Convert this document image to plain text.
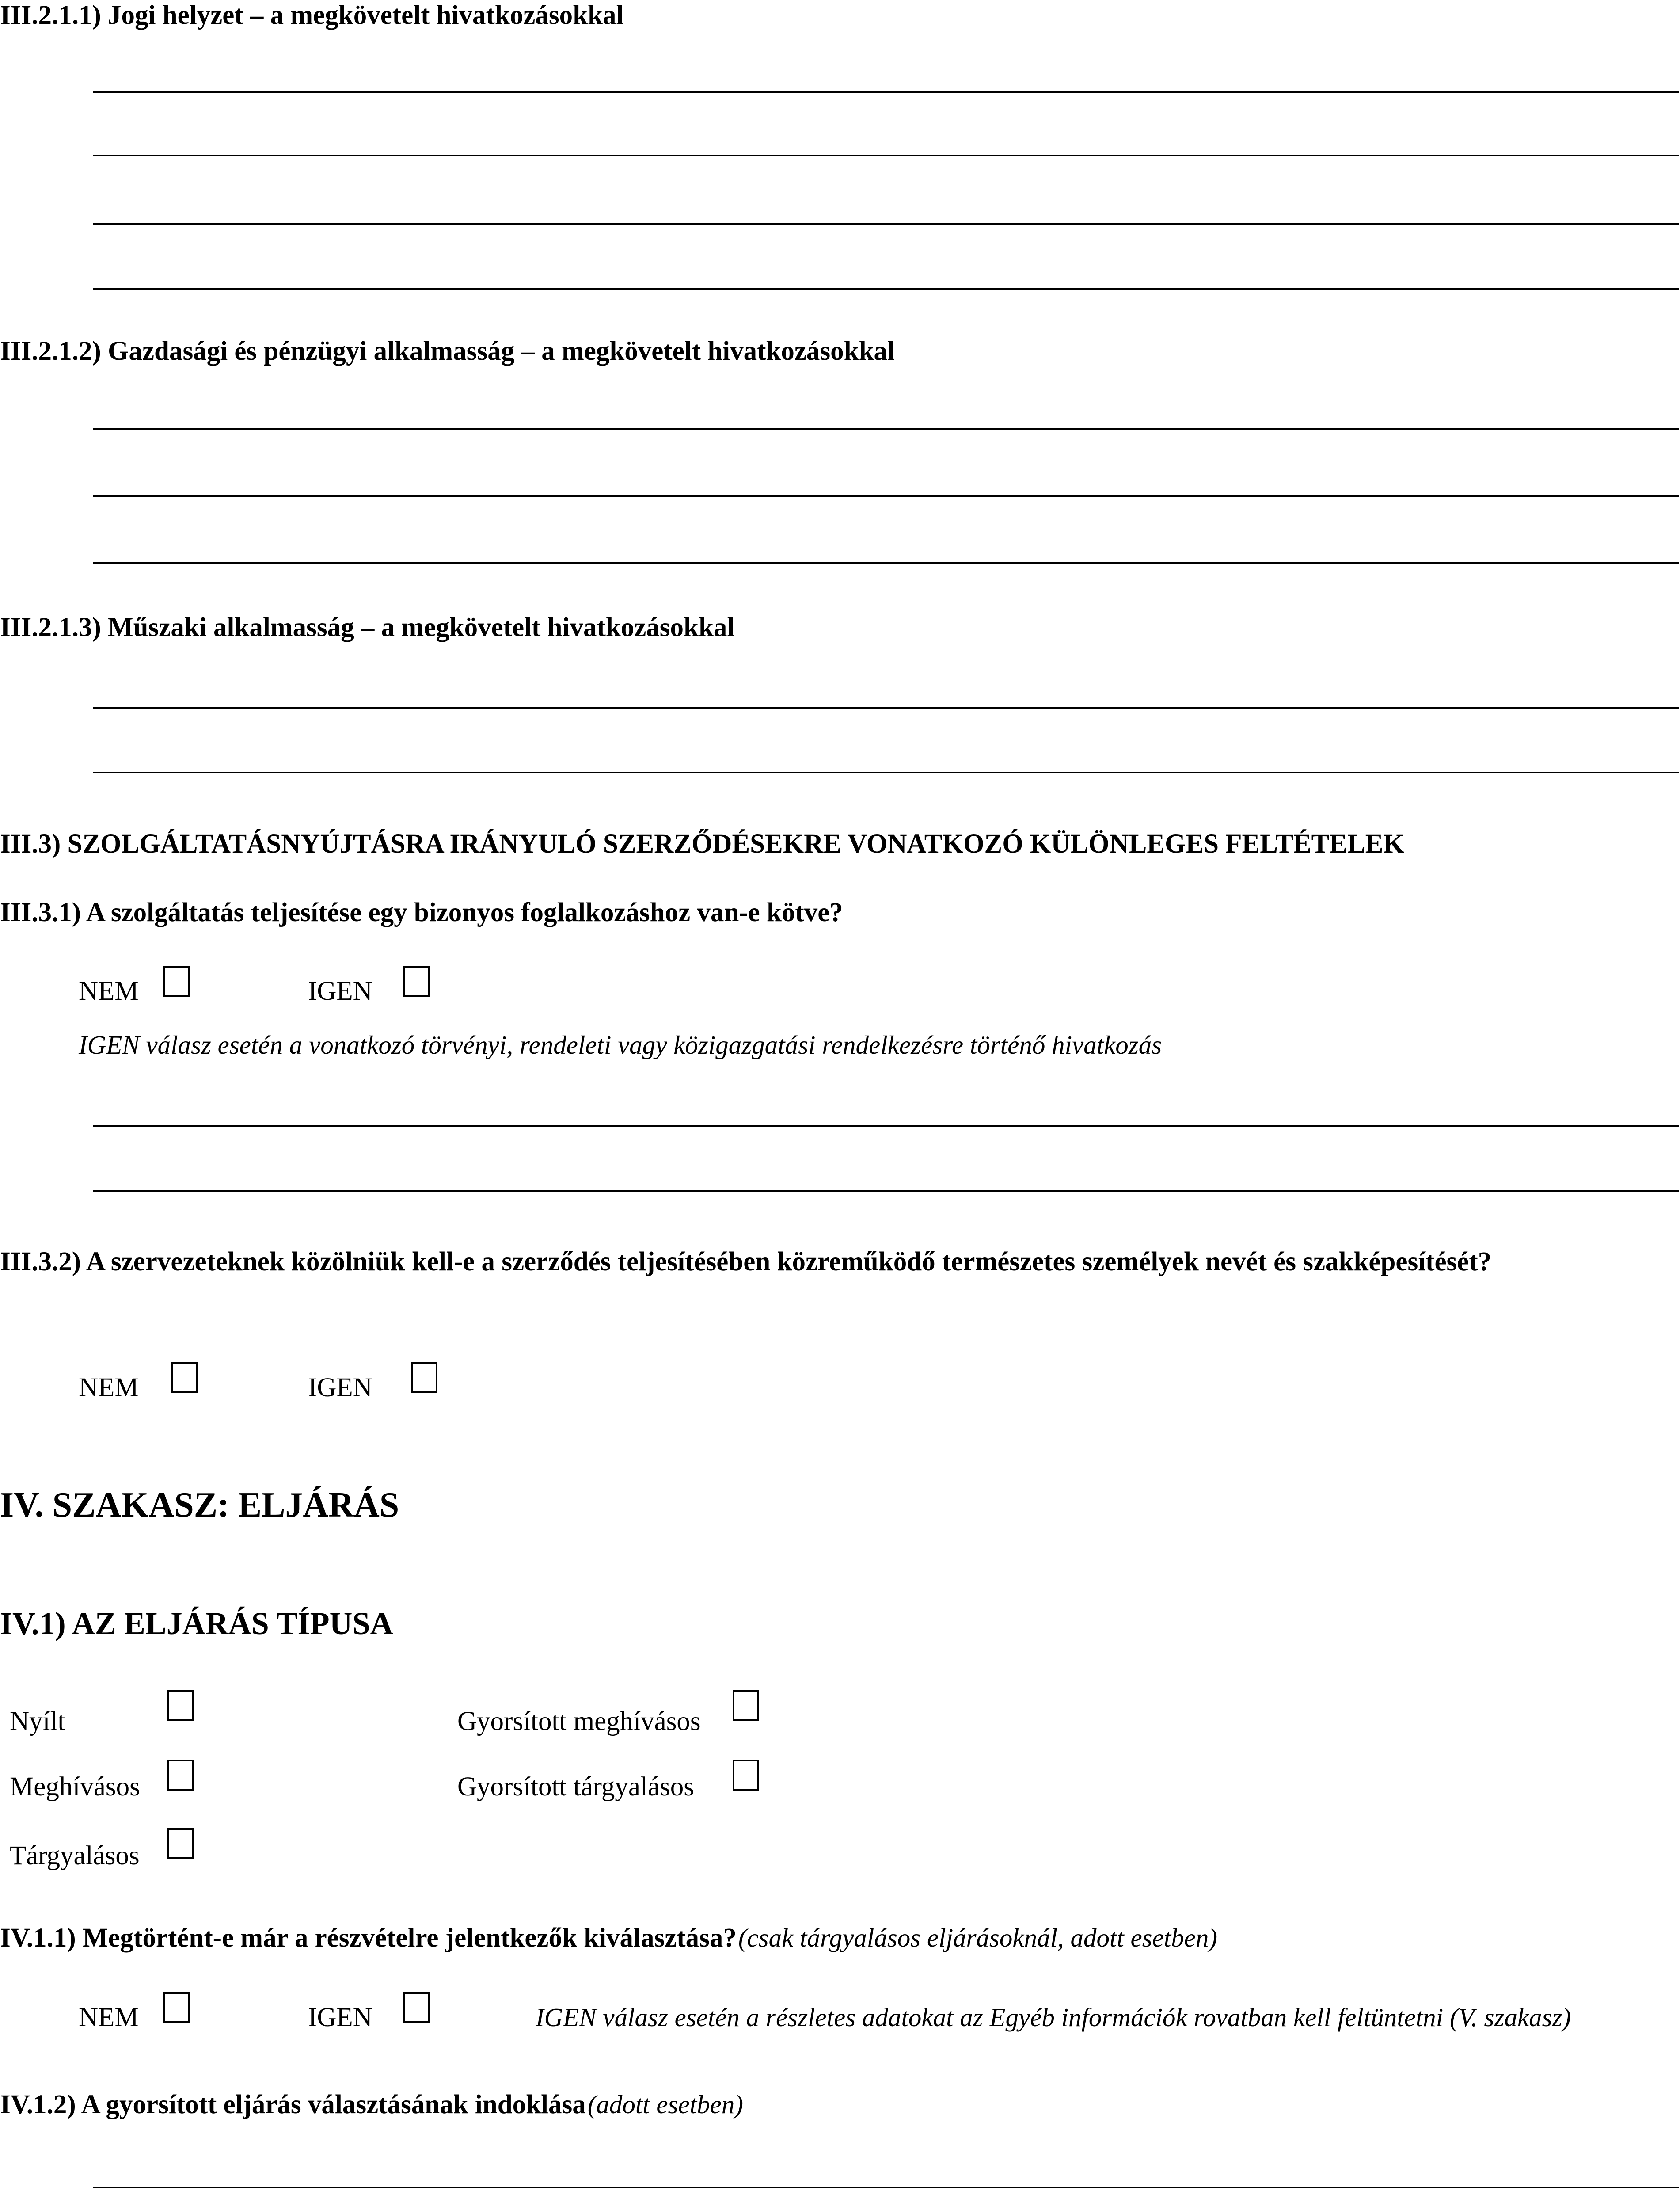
III.2.1.1) Jogi helyzet – a megkövetelt hivatkozásokkal
III.2.1.2) Gazdasági és pénzügyi alkalmasság – a megkövetelt hivatkozásokkal
III.2.1.3) Műszaki alkalmasság – a megkövetelt hivatkozásokkal
III.3) SZOLGÁLTATÁSNYÚJTÁSRA IRÁNYULÓ SZERZŐDÉSEKRE VONATKOZÓ KÜLÖNLEGES FELTÉTELEK
III.3.1) A szolgáltatás teljesítése egy bizonyos foglalkozáshoz van-e kötve?
NEM	IGEN
IGEN válasz esetén a vonatkozó törvényi, rendeleti vagy közigazgatási rendelkezésre történő hivatkozás
III.3.2) A szervezeteknek közölniük kell-e a szerződés teljesítésében közreműködő természetes személyek nevét és szakképesítését?
NEM	IGEN
IV. SZAKASZ: ELJÁRÁS
IV.1) AZ ELJÁRÁS TÍPUSA
Nyílt	Gyorsított meghívásos
Meghívásos	Gyorsított tárgyalásos
Tárgyalásos
IV.1.1) Megtörtént-e már a részvételre jelentkezők kiválasztása? (csak tárgyalásos eljárásoknál, adott esetben)
NEM	IGEN	IGEN válasz esetén a részletes adatokat az Egyéb információk rovatban kell feltüntetni (V. szakasz)
IV.1.2) A gyorsított eljárás választásának indoklása (adott esetben)
